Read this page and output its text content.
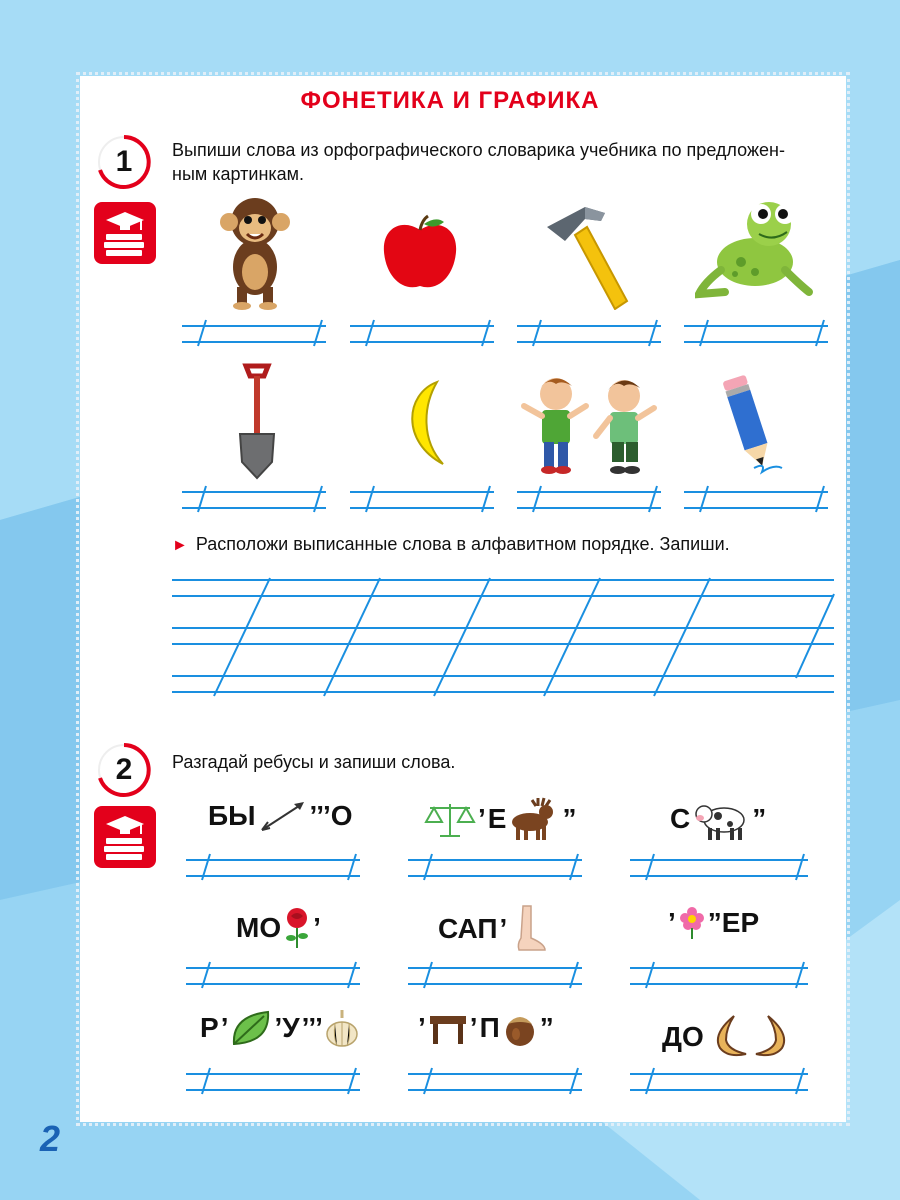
ФОНЕТИКА И ГРАФИКА
1	Выпиши слова из орфографического словарика учебника по предложен-
ным картинкам.
► Расположи выписанные слова в алфавитном порядке. Запиши.
2	Разгадай ребусы и запиши слова.
БЫ ’’’О	’ Е ”	С ”
МО ’	САП ’	’ ”ЕР
Р ’ ’У ’’’	’ ’ П ”	ДО
2
